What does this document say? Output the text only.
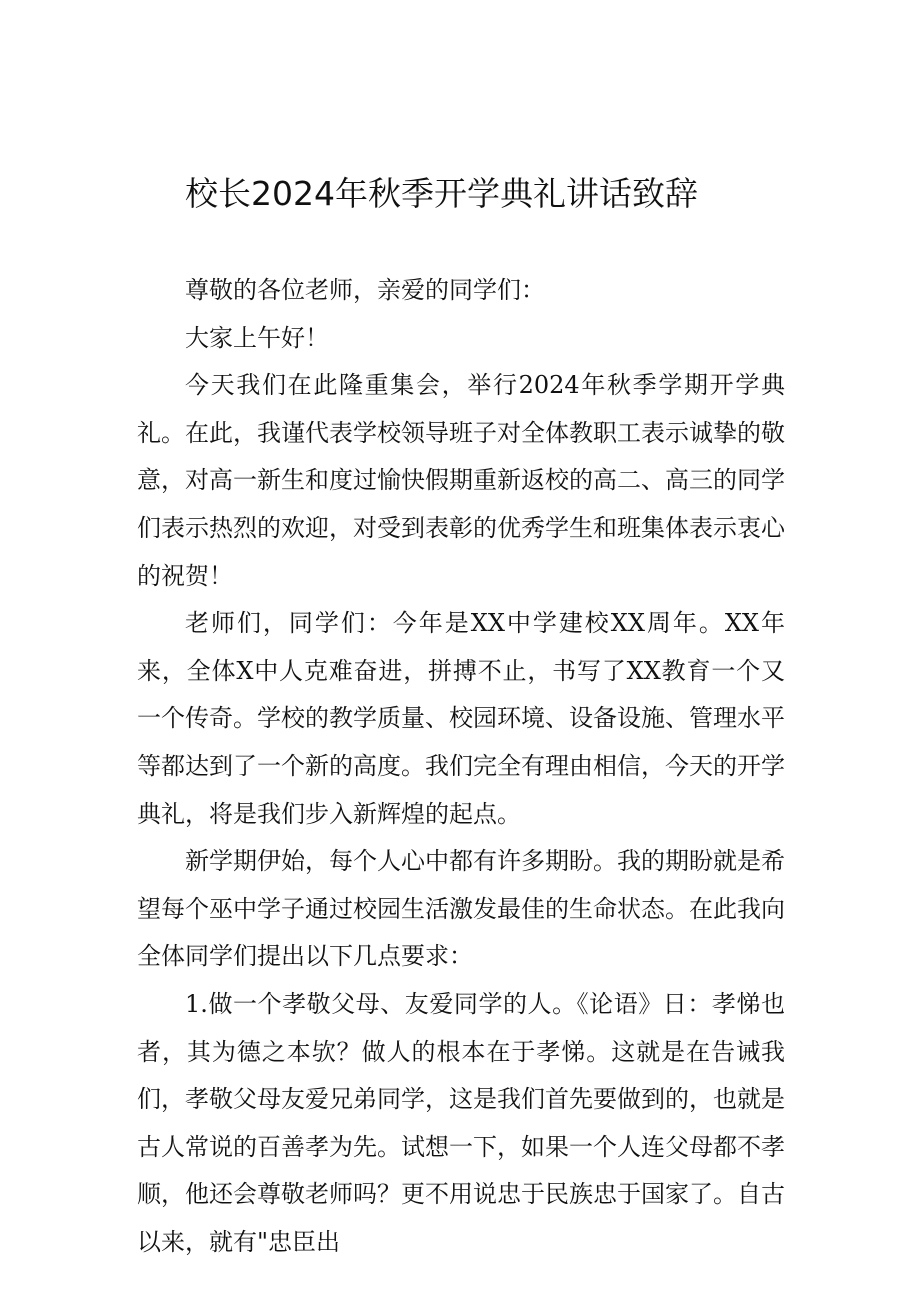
校长2024年秋季开学典礼讲话致辞

尊敬的各位老师，亲爱的同学们：

大家上午好！

今天我们在此隆重集会，举行2024年秋季学期开学典礼。在此，我谨代表学校领导班子对全体教职工表示诚挚的敬意，对高一新生和度过愉快假期重新返校的高二、高三的同学们表示热烈的欢迎，对受到表彰的优秀学生和班集体表示衷心的祝贺！

老师们，同学们：今年是XX中学建校XX周年。XX年来，全体X中人克难奋进，拼搏不止，书写了XX教育一个又一个传奇。学校的教学质量、校园环境、设备设施、管理水平等都达到了一个新的高度。我们完全有理由相信，今天的开学典礼，将是我们步入新辉煌的起点。

新学期伊始，每个人心中都有许多期盼。我的期盼就是希望每个巫中学子通过校园生活激发最佳的生命状态。在此我向全体同学们提出以下几点要求：

1.做一个孝敬父母、友爱同学的人。《论语》日：孝悌也者，其为德之本欤？做人的根本在于孝悌。这就是在告诫我们，孝敬父母友爱兄弟同学，这是我们首先要做到的，也就是古人常说的百善孝为先。试想一下，如果一个人连父母都不孝顺，他还会尊敬老师吗？更不用说忠于民族忠于国家了。自古以来，就有"忠臣出
